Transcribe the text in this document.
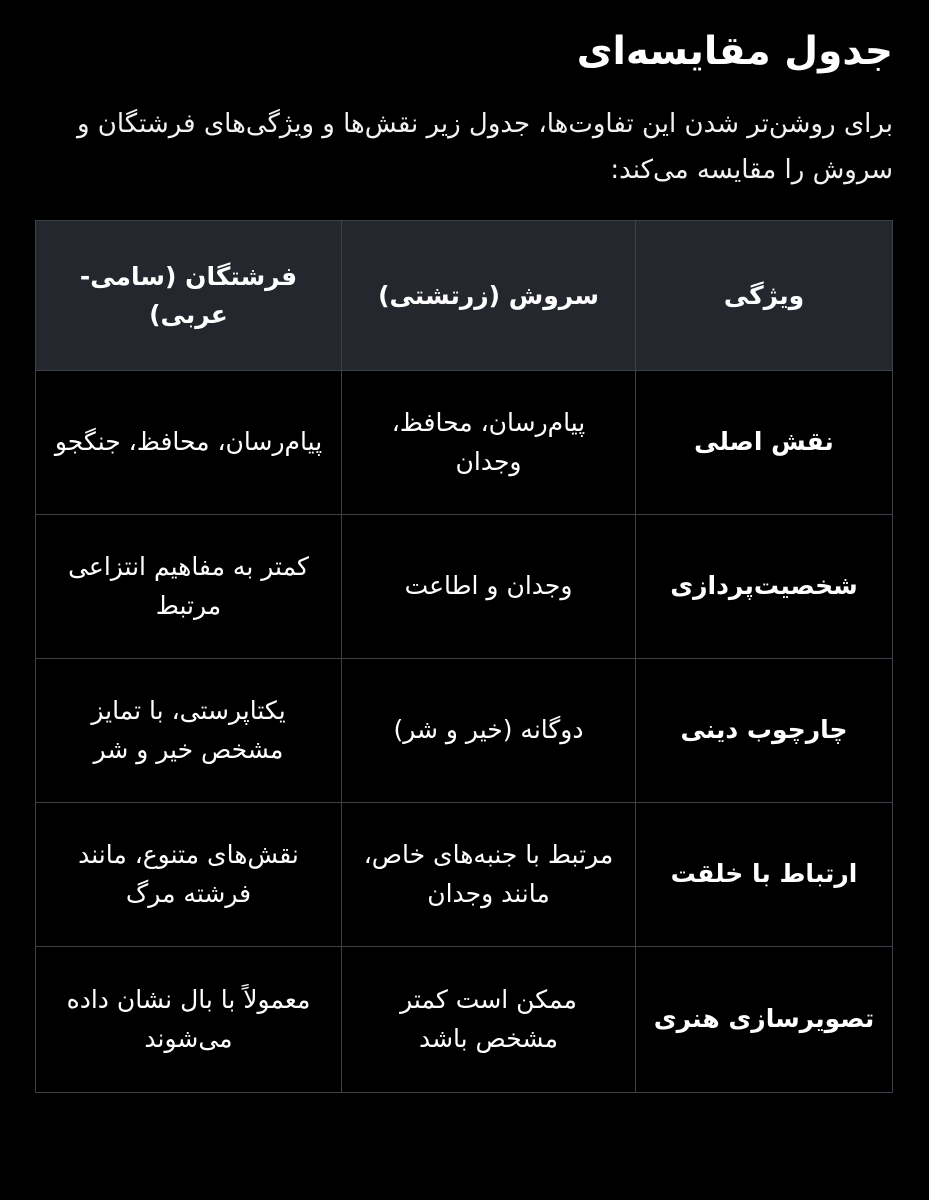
جدول مقایسه‌ای

برای روشن‌تر شدن این تفاوت‌ها، جدول زیر نقش‌ها و ویژگی‌های فرشتگان و سروش را مقایسه می‌کند:

ویژگی	سروش (زرتشتی)	فرشتگان (سامی-عربی)
نقش اصلی	پیام‌رسان، محافظ، وجدان	پیام‌رسان، محافظ، جنگجو
شخصیت‌پردازی	وجدان و اطاعت	کمتر به مفاهیم انتزاعی مرتبط
چارچوب دینی	دوگانه (خیر و شر)	یکتاپرستی، با تمایز مشخص خیر و شر
ارتباط با خلقت	مرتبط با جنبه‌های خاص، مانند وجدان	نقش‌های متنوع، مانند فرشته مرگ
تصویرسازی هنری	ممکن است کمتر مشخص باشد	معمولاً با بال نشان داده می‌شوند
